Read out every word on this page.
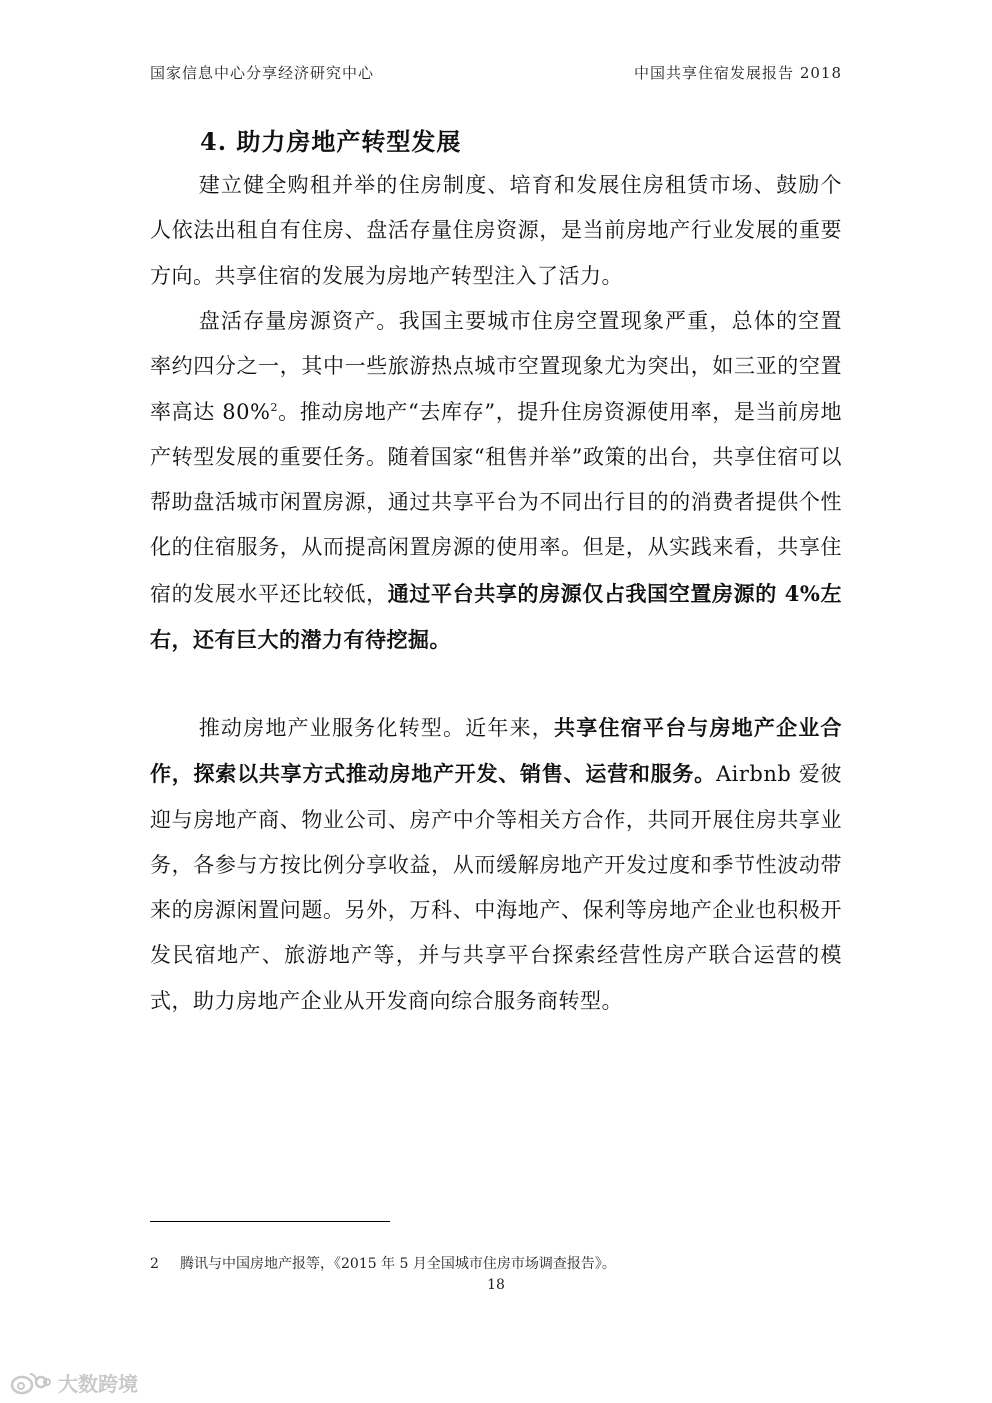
国家信息中心分享经济研究中心	中国共享住宿发展报告 2018
4. 助力房地产转型发展
建立健全购租并举的住房制度、培育和发展住房租赁市场、鼓励个人依法出租自有住房、盘活存量住房资源，是当前房地产行业发展的重要方向。共享住宿的发展为房地产转型注入了活力。
盘活存量房源资产。我国主要城市住房空置现象严重，总体的空置率约四分之一，其中一些旅游热点城市空置现象尤为突出，如三亚的空置率高达 80%$^2$。推动房地产“去库存”，提升住房资源使用率，是当前房地产转型发展的重要任务。随着国家“租售并举”政策的出台，共享住宿可以帮助盘活城市闲置房源，通过共享平台为不同出行目的的消费者提供个性化的住宿服务，从而提高闲置房源的使用率。但是，从实践来看，共享住宿的发展水平还比较低，通过平台共享的房源仅占我国空置房源的 4%左右，还有巨大的潜力有待挖掘。
推动房地产业服务化转型。近年来，共享住宿平台与房地产企业合作，探索以共享方式推动房地产开发、销售、运营和服务。Airbnb 爱彼迎与房地产商、物业公司、房产中介等相关方合作，共同开展住房共享业务，各参与方按比例分享收益，从而缓解房地产开发过度和季节性波动带来的房源闲置问题。另外，万科、中海地产、保利等房地产企业也积极开发民宿地产、旅游地产等，并与共享平台探索经营性房产联合运营的模式，助力房地产企业从开发商向综合服务商转型。
2 腾讯与中国房地产报等，《2015 年 5 月全国城市住房市场调查报告》。
18
大数跨境
